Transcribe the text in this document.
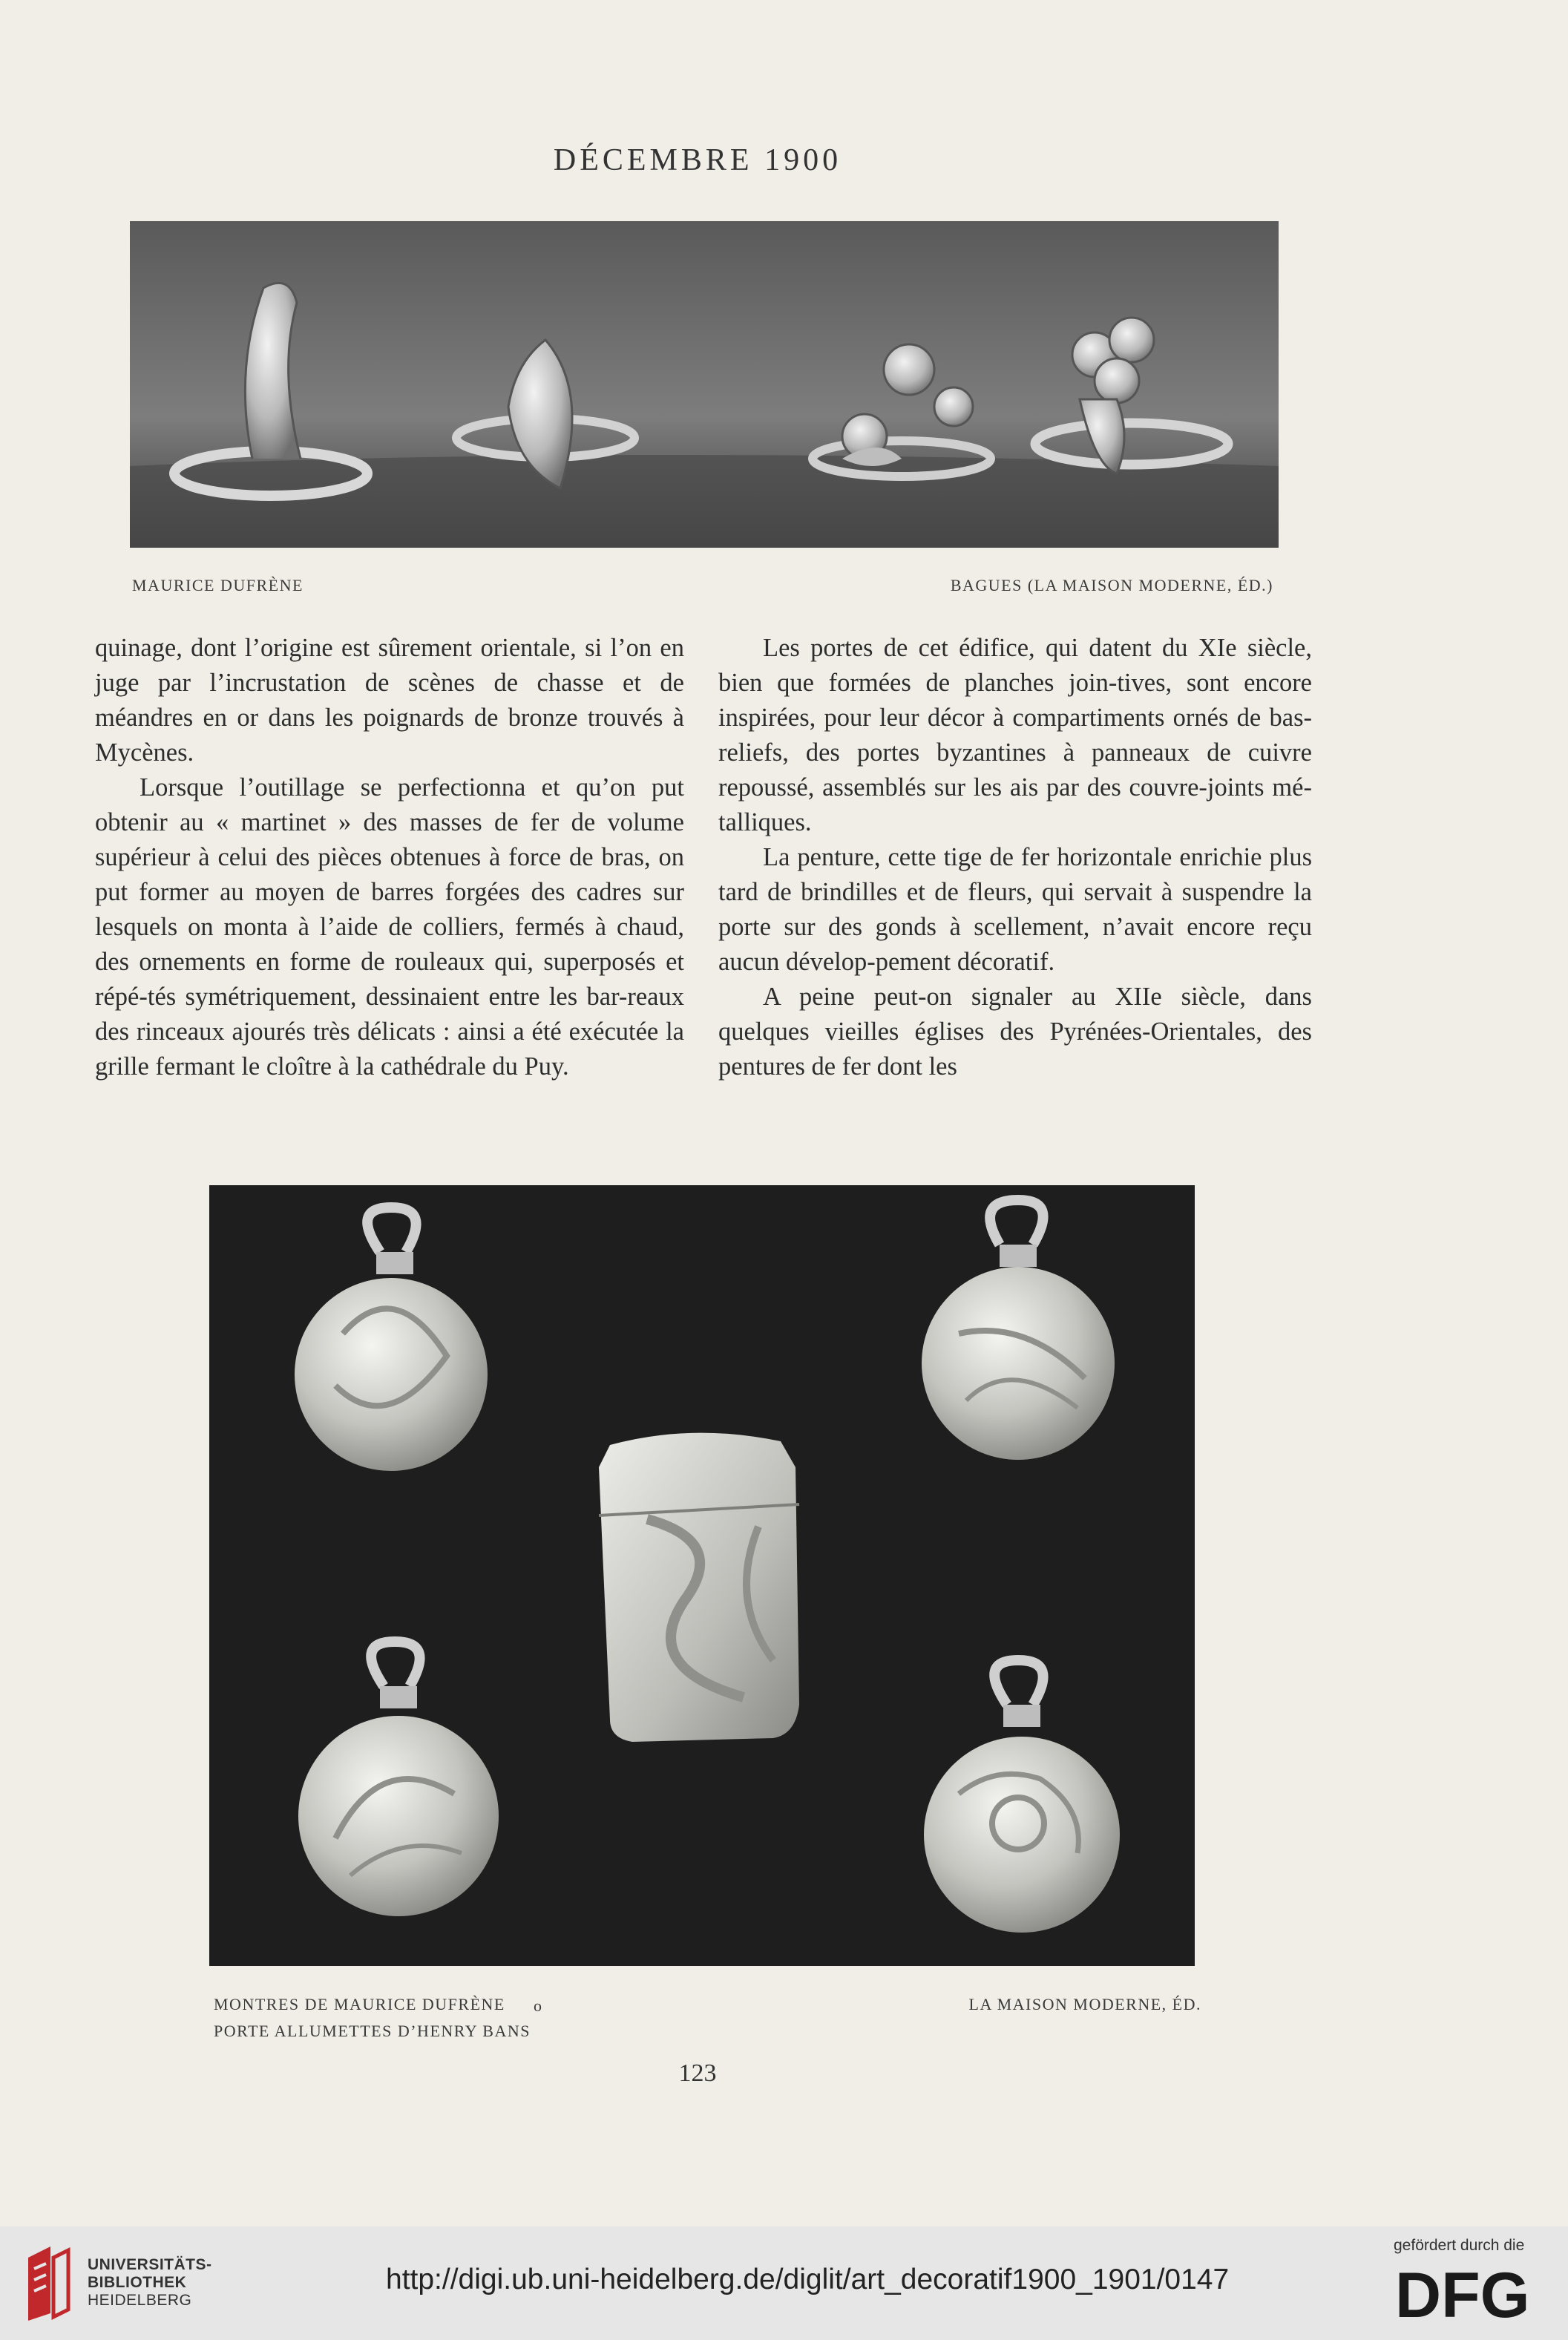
DÉCEMBRE 1900
MAURICE DUFRÈNE	BAGUES (LA MAISON MODERNE, ÉD.)

quinage, dont l’origine est sûrement orientale, si l’on en juge par l’incrustation de scènes de chasse et de méandres en or dans les poignards de bronze trouvés à Mycènes.

Lorsque l’outillage se perfectionna et qu’on put obtenir au « martinet » des masses de fer de volume supérieur à celui des pièces obtenues à force de bras, on put former au moyen de barres forgées des cadres sur lesquels on monta à l’aide de colliers, fermés à chaud, des ornements en forme de rouleaux qui, superposés et répé-tés symétriquement, dessinaient entre les bar-reaux des rinceaux ajourés très délicats : ainsi a été exécutée la grille fermant le cloître à la cathédrale du Puy.

Les portes de cet édifice, qui datent du XIe siècle, bien que formées de planches join-tives, sont encore inspirées, pour leur décor à compartiments ornés de bas-reliefs, des portes byzantines à panneaux de cuivre repoussé, assemblés sur les ais par des couvre-joints mé-talliques.

La penture, cette tige de fer horizontale enrichie plus tard de brindilles et de fleurs, qui servait à suspendre la porte sur des gonds à scellement, n’avait encore reçu aucun dévelop-pement décoratif.

A peine peut-on signaler au XIIe siècle, dans quelques vieilles églises des Pyrénées-Orientales, des pentures de fer dont les

MONTRES DE MAURICE DUFRÈNE o
PORTE ALLUMETTES D’HENRY BANS
LA MAISON MODERNE, ÉD.
123
UNIVERSITÄTS-
BIBLIOTHEK
HEIDELBERG
http://digi.ub.uni-heidelberg.de/diglit/art_decoratif1900_1901/0147
gefördert durch die
DFG
